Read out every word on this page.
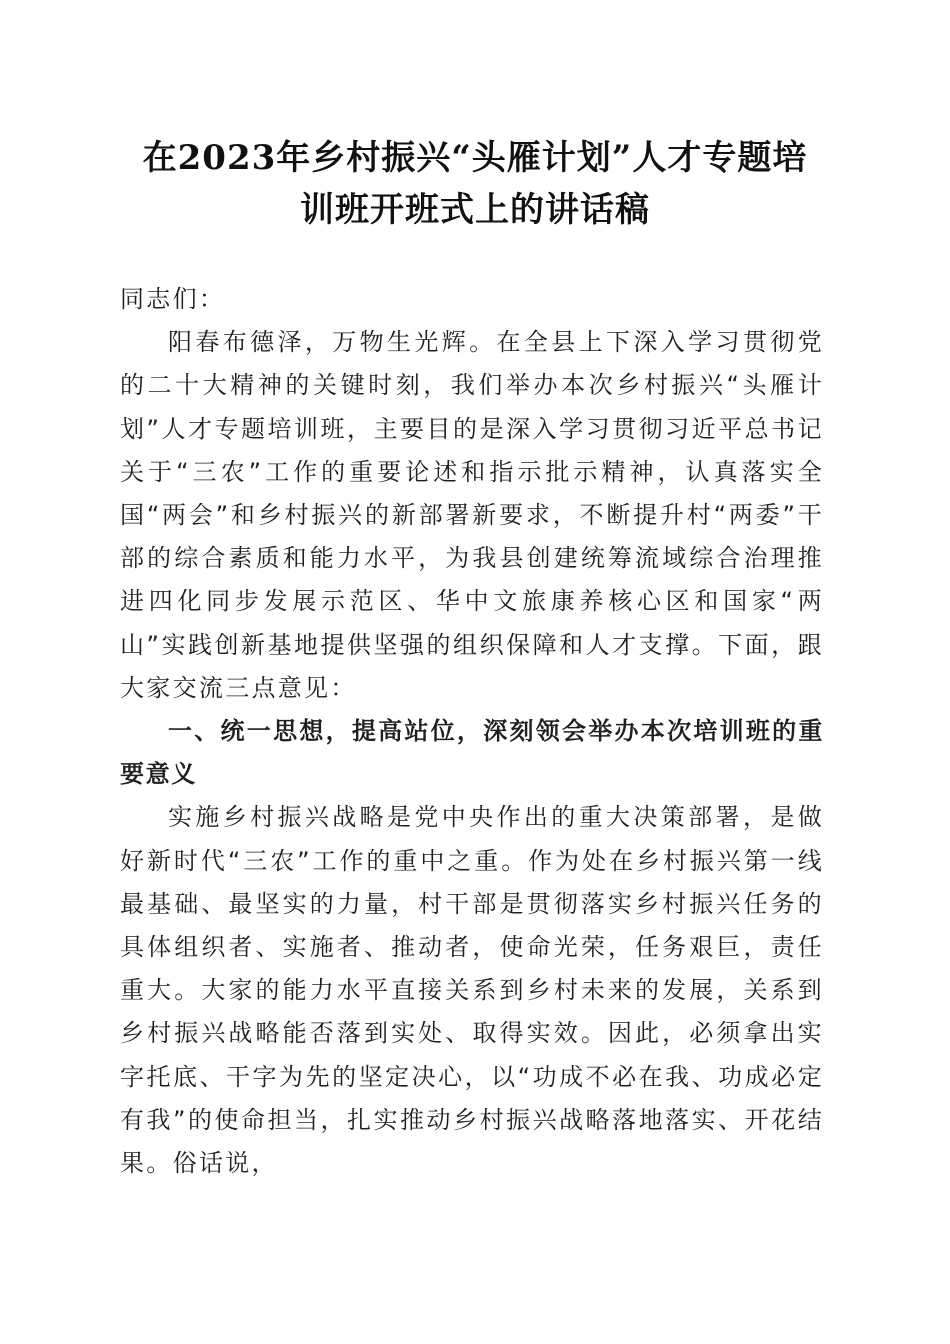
在2023年乡村振兴“头雁计划”人才专题培
训班开班式上的讲话稿

同志们：

阳春布德泽，万物生光辉。在全县上下深入学习贯彻党的二十大精神的关键时刻，我们举办本次乡村振兴“头雁计划”人才专题培训班，主要目的是深入学习贯彻习近平总书记关于“三农”工作的重要论述和指示批示精神，认真落实全国“两会”和乡村振兴的新部署新要求，不断提升村“两委”干部的综合素质和能力水平，为我县创建统筹流域综合治理推进四化同步发展示范区、华中文旅康养核心区和国家“两山”实践创新基地提供坚强的组织保障和人才支撑。下面，跟大家交流三点意见：

一、统一思想，提高站位，深刻领会举办本次培训班的重要意义

实施乡村振兴战略是党中央作出的重大决策部署，是做好新时代“三农”工作的重中之重。作为处在乡村振兴第一线最基础、最坚实的力量，村干部是贯彻落实乡村振兴任务的具体组织者、实施者、推动者，使命光荣，任务艰巨，责任重大。大家的能力水平直接关系到乡村未来的发展，关系到乡村振兴战略能否落到实处、取得实效。因此，必须拿出实字托底、干字为先的坚定决心，以“功成不必在我、功成必定有我”的使命担当，扎实推动乡村振兴战略落地落实、开花结果。俗话说，
